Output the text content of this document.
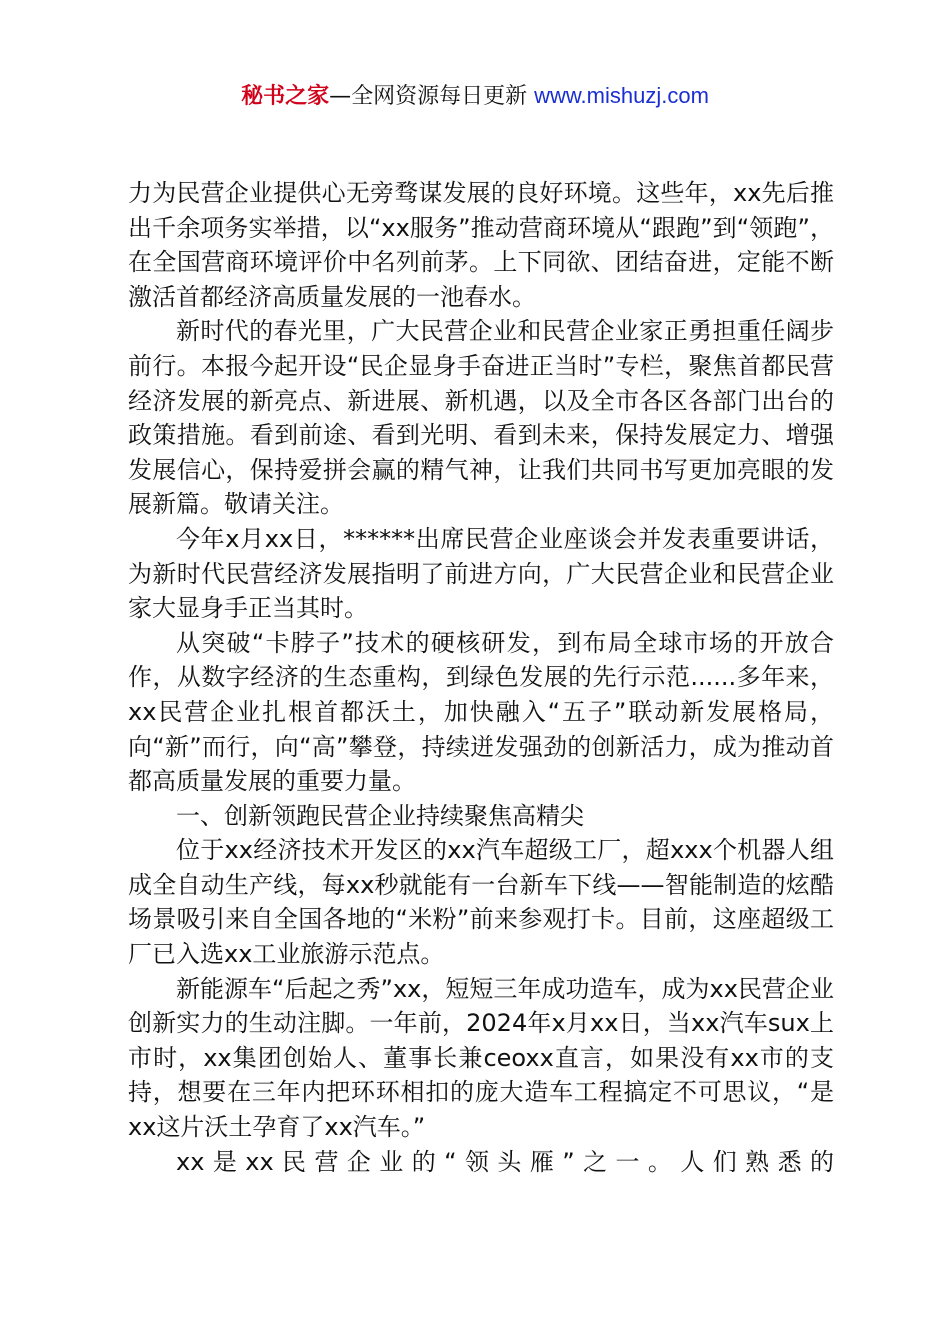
秘书之家—全网资源每日更新 www.mishuzj.com

力为民营企业提供心无旁骛谋发展的良好环境。这些年，xx先后推出千余项务实举措，以“xx服务”推动营商环境从“跟跑”到“领跑”，在全国营商环境评价中名列前茅。上下同欲、团结奋进，定能不断激活首都经济高质量发展的一池春水。

新时代的春光里，广大民营企业和民营企业家正勇担重任阔步前行。本报今起开设“民企显身手奋进正当时”专栏，聚焦首都民营经济发展的新亮点、新进展、新机遇，以及全市各区各部门出台的政策措施。看到前途、看到光明、看到未来，保持发展定力、增强发展信心，保持爱拼会赢的精气神，让我们共同书写更加亮眼的发展新篇。敬请关注。

今年x月xx日，******出席民营企业座谈会并发表重要讲话，为新时代民营经济发展指明了前进方向，广大民营企业和民营企业家大显身手正当其时。

从突破“卡脖子”技术的硬核研发，到布局全球市场的开放合作，从数字经济的生态重构，到绿色发展的先行示范......多年来，xx民营企业扎根首都沃土，加快融入“五子”联动新发展格局，向“新”而行，向“高”攀登，持续迸发强劲的创新活力，成为推动首都高质量发展的重要力量。

一、创新领跑民营企业持续聚焦高精尖

位于xx经济技术开发区的xx汽车超级工厂，超xxx个机器人组成全自动生产线，每xx秒就能有一台新车下线——智能制造的炫酷场景吸引来自全国各地的“米粉”前来参观打卡。目前，这座超级工厂已入选xx工业旅游示范点。

新能源车“后起之秀”xx，短短三年成功造车，成为xx民营企业创新实力的生动注脚。一年前，2024年x月xx日，当xx汽车sux上市时，xx集团创始人、董事长兼ceoxx直言，如果没有xx市的支持，想要在三年内把环环相扣的庞大造车工程搞定不可思议，“是xx这片沃土孕育了xx汽车。”

xx是xx民营企业的“领头雁”之一。人们熟悉的
